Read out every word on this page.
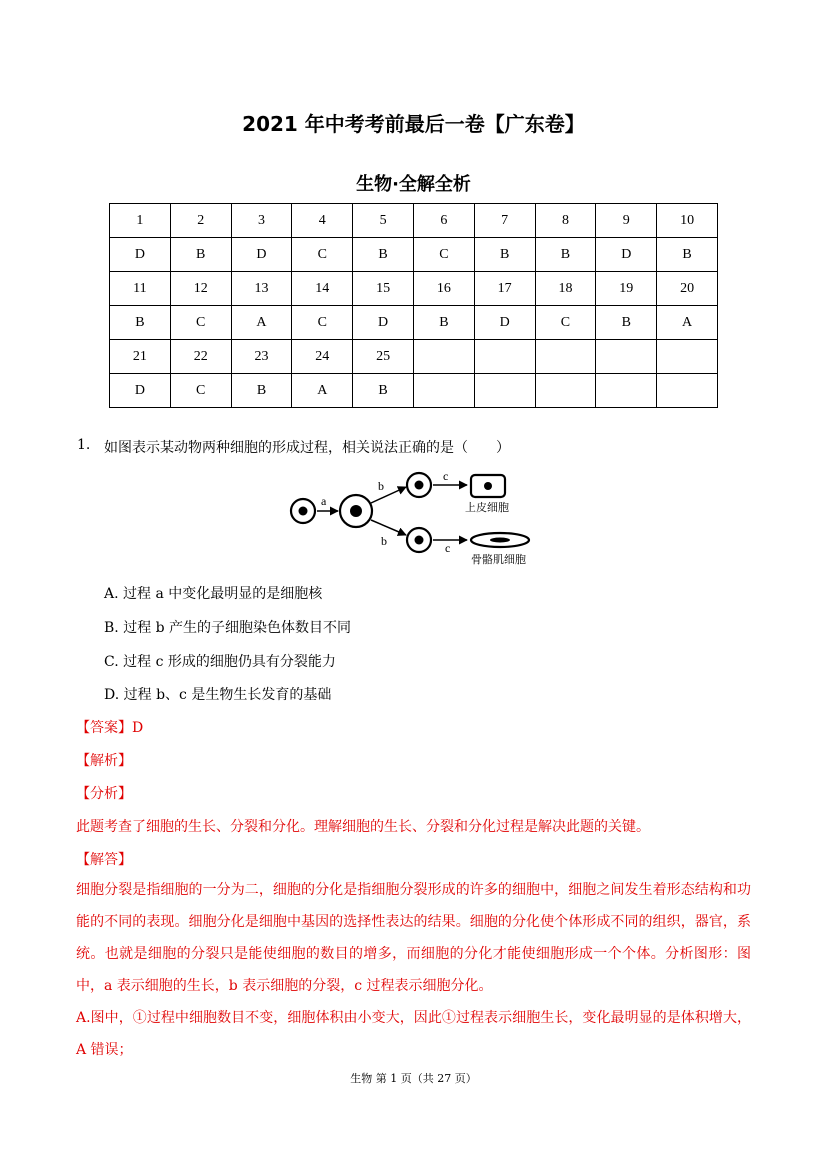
2021 年中考考前最后一卷【广东卷】
生物·全解全析
1	2	3	4	5	6	7	8	9	10
D	B	D	C	B	C	B	B	D	B
11	12	13	14	15	16	17	18	19	20
B	C	A	C	D	B	D	C	B	A
21	22	23	24	25					
D	C	B	A	B					
1. 如图表示某动物两种细胞的形成过程，相关说法正确的是（　　）
a
b
b
c
c
上皮细胞
骨骼肌细胞
A. 过程 a 中变化最明显的是细胞核
B. 过程 b 产生的子细胞染色体数目不同
C. 过程 c 形成的细胞仍具有分裂能力
D. 过程 b、c 是生物生长发育的基础
【答案】D
【解析】
【分析】
此题考查了细胞的生长、分裂和分化。理解细胞的生长、分裂和分化过程是解决此题的关键。
【解答】
细胞分裂是指细胞的一分为二，细胞的分化是指细胞分裂形成的许多的细胞中，细胞之间发生着形态结构和功能的不同的表现。细胞分化是细胞中基因的选择性表达的结果。细胞的分化使个体形成不同的组织，器官，系统。也就是细胞的分裂只是能使细胞的数目的增多，而细胞的分化才能使细胞形成一个个体。分析图形：图中，a 表示细胞的生长，b 表示细胞的分裂，c 过程表示细胞分化。
A.图中，①过程中细胞数目不变，细胞体积由小变大，因此①过程表示细胞生长，变化最明显的是体积增大，A 错误；
生物 第 1 页（共 27 页）
